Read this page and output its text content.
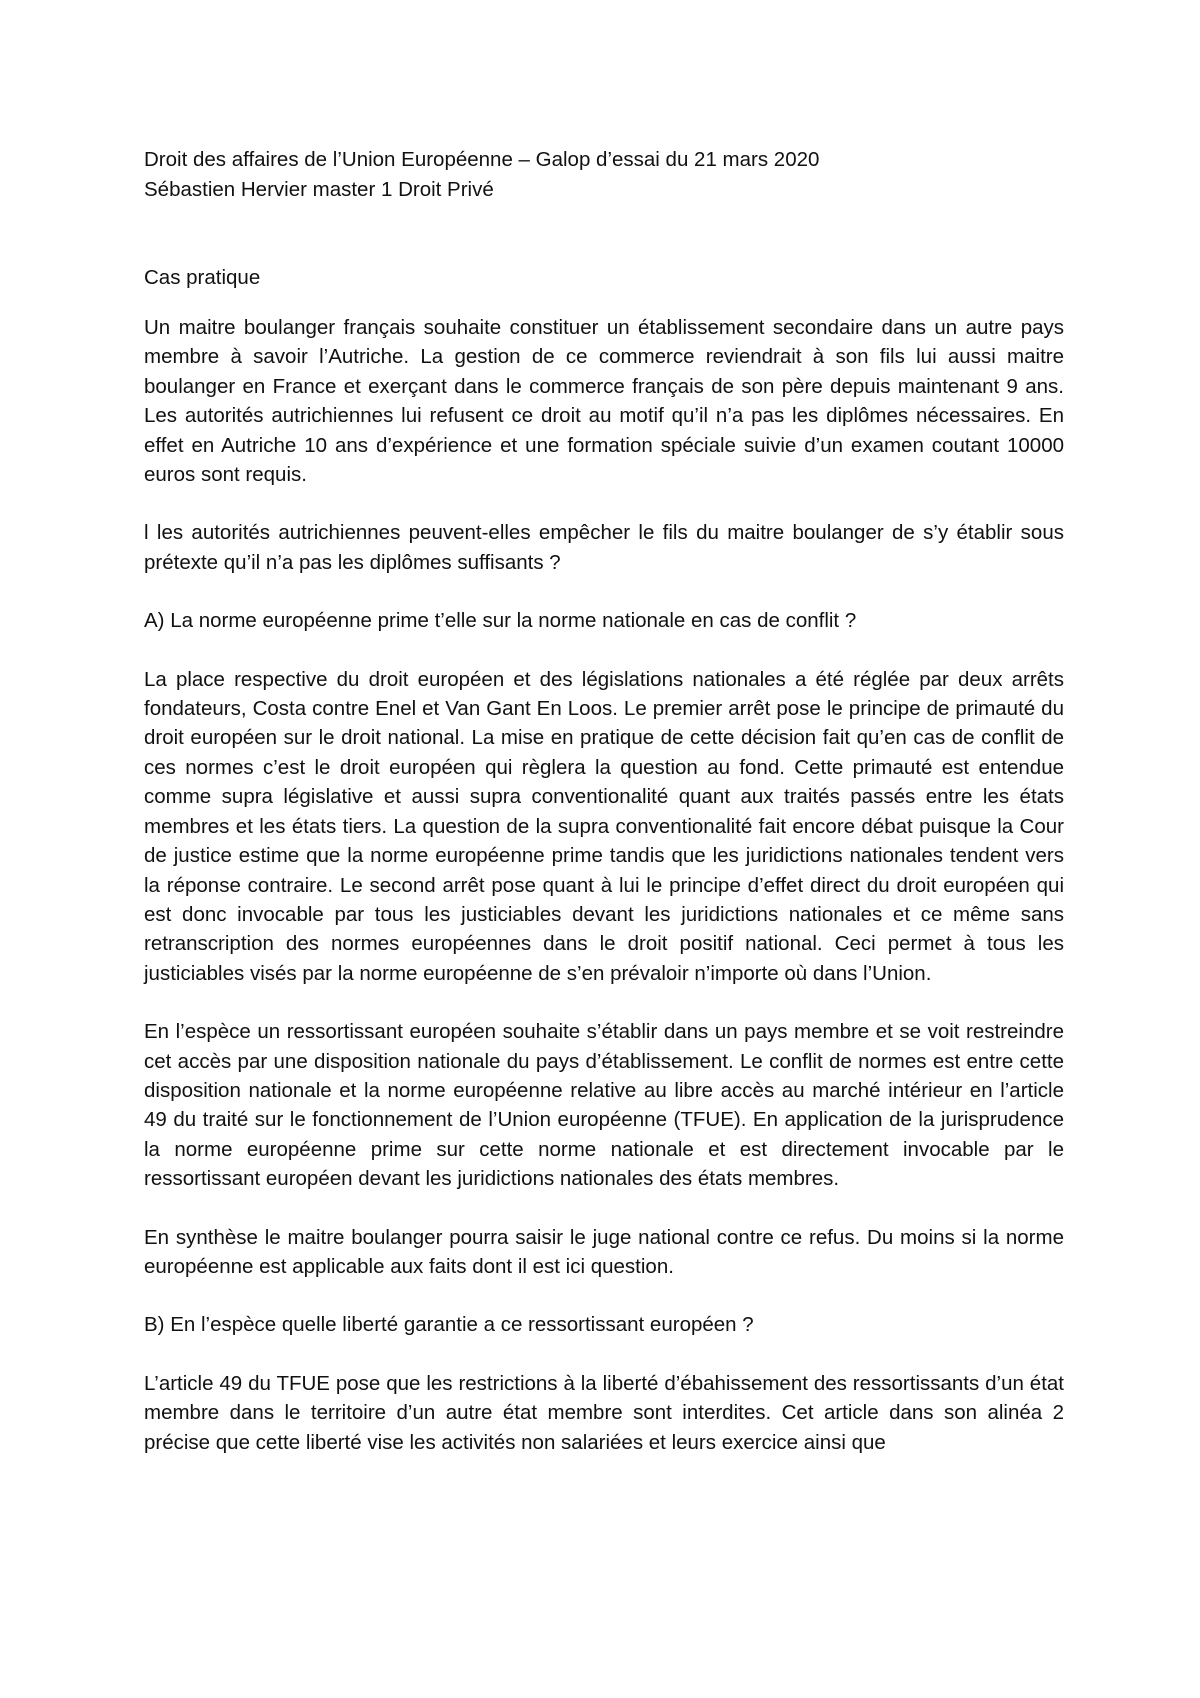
Droit des affaires de l’Union Européenne – Galop d’essai du 21 mars 2020

Sébastien Hervier master 1 Droit Privé

Cas pratique

Un maitre boulanger français souhaite constituer un établissement secondaire dans un autre pays membre à savoir l’Autriche. La gestion de ce commerce reviendrait à son fils lui aussi maitre boulanger en France et exerçant dans le commerce français de son père depuis maintenant 9 ans. Les autorités autrichiennes lui refusent ce droit au motif qu’il n’a pas les diplômes nécessaires. En effet en Autriche 10 ans d’expérience et une formation spéciale suivie d’un examen coutant 10000 euros sont requis.

l les autorités autrichiennes peuvent-elles empêcher le fils du maitre boulanger de s’y établir sous prétexte qu’il n’a pas les diplômes suffisants ?

A) La norme européenne prime t’elle sur la norme nationale en cas de conflit ?

La place respective du droit européen et des législations nationales a été réglée par deux arrêts fondateurs, Costa contre Enel et Van Gant En Loos. Le premier arrêt pose le principe de primauté du droit européen sur le droit national. La mise en pratique de cette décision fait qu’en cas de conflit de ces normes c’est le droit européen qui règlera la question au fond. Cette primauté est entendue comme supra législative et aussi supra conventionalité quant aux traités passés entre les états membres et les états tiers. La question de la supra conventionalité fait encore débat puisque la Cour de justice estime que la norme européenne prime tandis que les juridictions nationales tendent vers la réponse contraire. Le second arrêt pose quant à lui le principe d’effet direct du droit européen qui est donc invocable par tous les justiciables devant les juridictions nationales et ce même sans retranscription des normes européennes dans le droit positif national. Ceci permet à tous les justiciables visés par la norme européenne de s’en prévaloir n’importe où dans l’Union.

En l’espèce un ressortissant européen souhaite s’établir dans un pays membre et se voit restreindre cet accès par une disposition nationale du pays d’établissement. Le conflit de normes est entre cette disposition nationale et la norme européenne relative au libre accès au marché intérieur en l’article 49 du traité sur le fonctionnement de l’Union européenne (TFUE). En application de la jurisprudence la norme européenne prime sur cette norme nationale et est directement invocable par le ressortissant européen devant les juridictions nationales des états membres.

En synthèse le maitre boulanger pourra saisir le juge national contre ce refus. Du moins si la norme européenne est applicable aux faits dont il est ici question.

B) En l’espèce quelle liberté garantie a ce ressortissant européen ?

L’article 49 du TFUE pose que les restrictions à la liberté d’ébahissement des ressortissants d’un état membre dans le territoire d’un autre état membre sont interdites. Cet article dans son alinéa 2 précise que cette liberté vise les activités non salariées et leurs exercice ainsi que
